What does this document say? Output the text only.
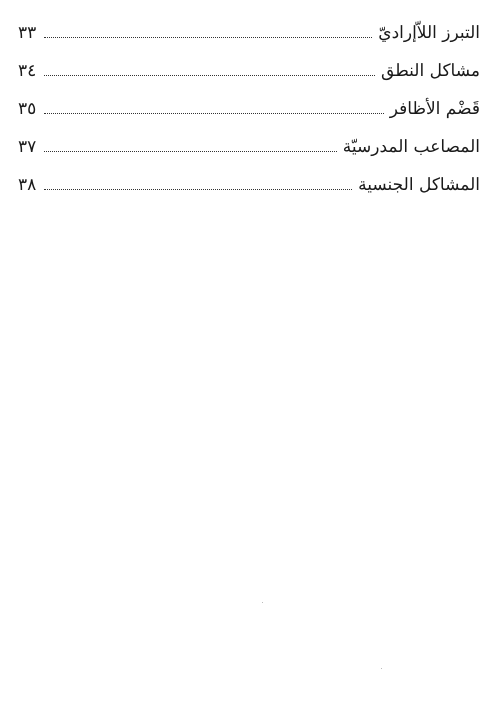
٣٣	التبرز اللاّإراديّ
٣٤	مشاكل النطق
٣٥	قَضْم الأظافر
٣٧	المصاعب المدرسيّة
٣٨	المشاكل الجنسية
